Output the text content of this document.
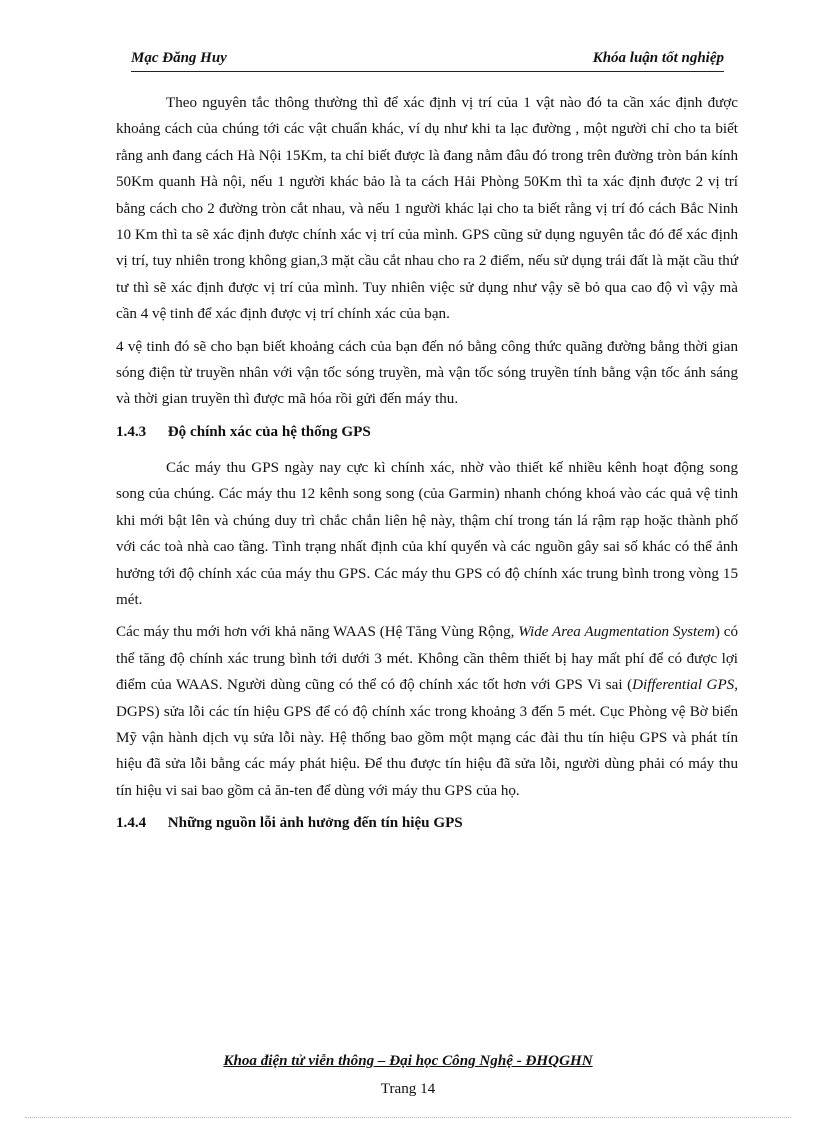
Mạc Đăng Huy	Khóa luận tốt nghiệp

Theo nguyên tắc thông thường thì để xác định vị trí của 1 vật nào đó ta cần xác định được khoảng cách của chúng tới các vật chuẩn khác, ví dụ như khi ta lạc đường , một người chỉ cho ta biết rằng anh đang cách Hà Nội 15Km, ta chỉ biết được là đang nằm đâu đó trong trên đường tròn bán kính 50Km quanh Hà nội, nếu 1 người khác bảo là ta cách Hải Phòng 50Km thì ta xác định được 2 vị trí bằng cách cho 2 đường tròn cắt nhau, và nếu 1 người khác lại cho ta biết rằng vị trí đó cách Bắc Ninh 10 Km thì ta sẽ xác định được chính xác vị trí của mình. GPS cũng sử dụng nguyên tắc đó để xác định vị trí, tuy nhiên trong không gian,3 mặt cầu cắt nhau cho ra 2 điểm, nếu sử dụng trái đất là mặt cầu thứ tư thì sẽ xác định được vị trí của mình. Tuy nhiên việc sử dụng như vậy sẽ bỏ qua cao độ vì vậy mà cần 4 vệ tinh để xác định được vị trí chính xác của bạn.

4 vệ tinh đó sẽ cho bạn biết khoảng cách của bạn đến nó bằng công thức quãng đường bằng thời gian sóng điện từ truyền nhân với vận tốc sóng truyền, mà vận tốc sóng truyền tính bằng vận tốc ánh sáng và thời gian truyền thì được mã hóa rồi gửi đến máy thu.

1.4.3 Độ chính xác của hệ thống GPS

Các máy thu GPS ngày nay cực kì chính xác, nhờ vào thiết kế nhiều kênh hoạt động song song của chúng. Các máy thu 12 kênh song song (của Garmin) nhanh chóng khoá vào các quả vệ tinh khi mới bật lên và chúng duy trì chắc chắn liên hệ này, thậm chí trong tán lá rậm rạp hoặc thành phố với các toà nhà cao tầng. Tình trạng nhất định của khí quyển và các nguồn gây sai số khác có thể ảnh hưởng tới độ chính xác của máy thu GPS. Các máy thu GPS có độ chính xác trung bình trong vòng 15 mét.

Các máy thu mới hơn với khả năng WAAS (Hệ Tăng Vùng Rộng, Wide Area Augmentation System) có thể tăng độ chính xác trung bình tới dưới 3 mét. Không cần thêm thiết bị hay mất phí để có được lợi điểm của WAAS. Người dùng cũng có thể có độ chính xác tốt hơn với GPS Vi sai (Differential GPS, DGPS) sửa lỗi các tín hiệu GPS để có độ chính xác trong khoảng 3 đến 5 mét. Cục Phòng vệ Bờ biển Mỹ vận hành dịch vụ sửa lỗi này. Hệ thống bao gồm một mạng các đài thu tín hiệu GPS và phát tín hiệu đã sửa lỗi bằng các máy phát hiệu. Để thu được tín hiệu đã sửa lỗi, người dùng phải có máy thu tín hiệu vi sai bao gồm cả ăn-ten để dùng với máy thu GPS của họ.

1.4.4 Những nguồn lỗi ảnh hưởng đến tín hiệu GPS
Khoa điện tử viễn thông – Đại học Công Nghệ - ĐHQGHN
Trang 14
